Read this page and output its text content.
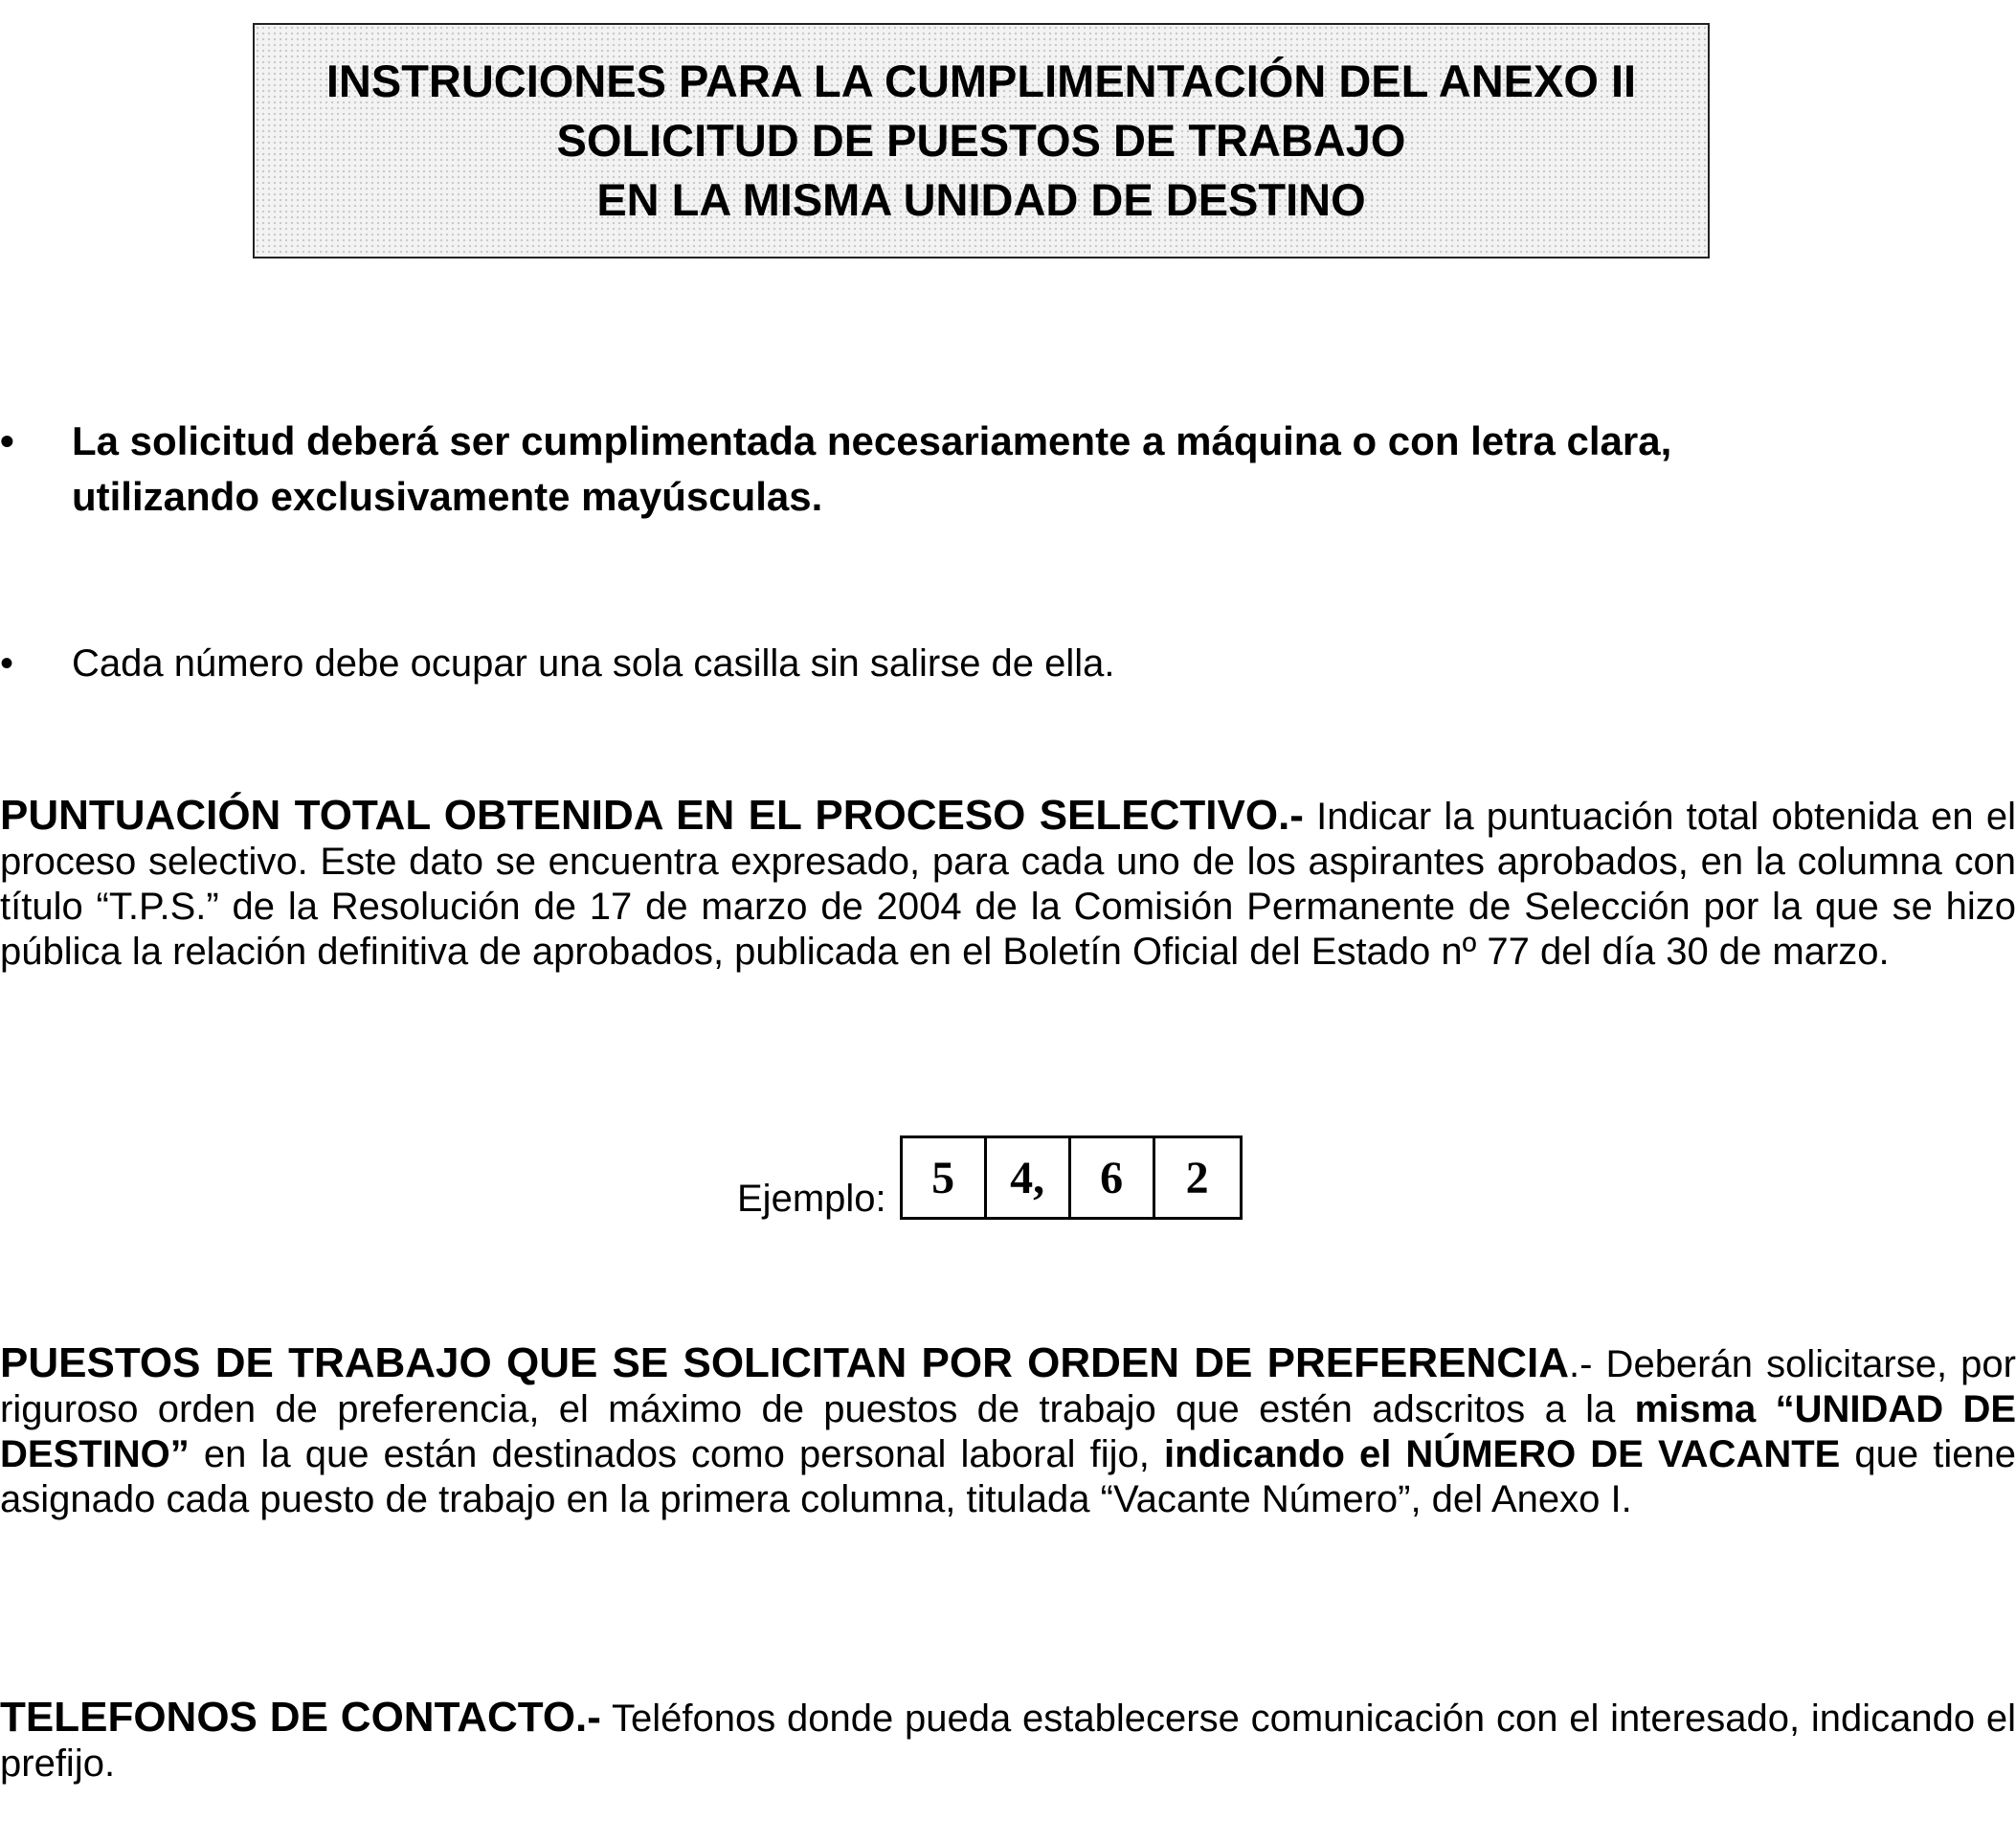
INSTRUCIONES PARA LA CUMPLIMENTACIÓN DEL ANEXO II
SOLICITUD DE PUESTOS DE TRABAJO
EN LA MISMA UNIDAD DE DESTINO
•	La solicitud deberá ser cumplimentada necesariamente a máquina o con letra clara,
utilizando exclusivamente mayúsculas.
•	Cada número debe ocupar una sola casilla sin salirse de ella.
PUNTUACIÓN TOTAL OBTENIDA EN EL PROCESO SELECTIVO.- Indicar la puntuación total obtenida en el proceso selectivo. Este dato se encuentra expresado, para cada uno de los aspirantes aprobados, en la columna con título “T.P.S.” de la Resolución de 17 de marzo de 2004 de la Comisión Permanente de Selección por la que se hizo pública la relación definitiva de aprobados, publicada en el Boletín Oficial del Estado nº 77 del día 30 de marzo.
Ejemplo: 5	4,	6	2
PUESTOS DE TRABAJO QUE SE SOLICITAN POR ORDEN DE PREFERENCIA.- Deberán solicitarse, por riguroso orden de preferencia, el máximo de puestos de trabajo que estén adscritos a la misma “UNIDAD DE DESTINO” en la que están destinados como personal laboral fijo, indicando el NÚMERO DE VACANTE que tiene asignado cada puesto de trabajo en la primera columna, titulada “Vacante Número”, del Anexo I.
TELEFONOS DE CONTACTO.- Teléfonos donde pueda establecerse comunicación con el interesado, indicando el prefijo.
